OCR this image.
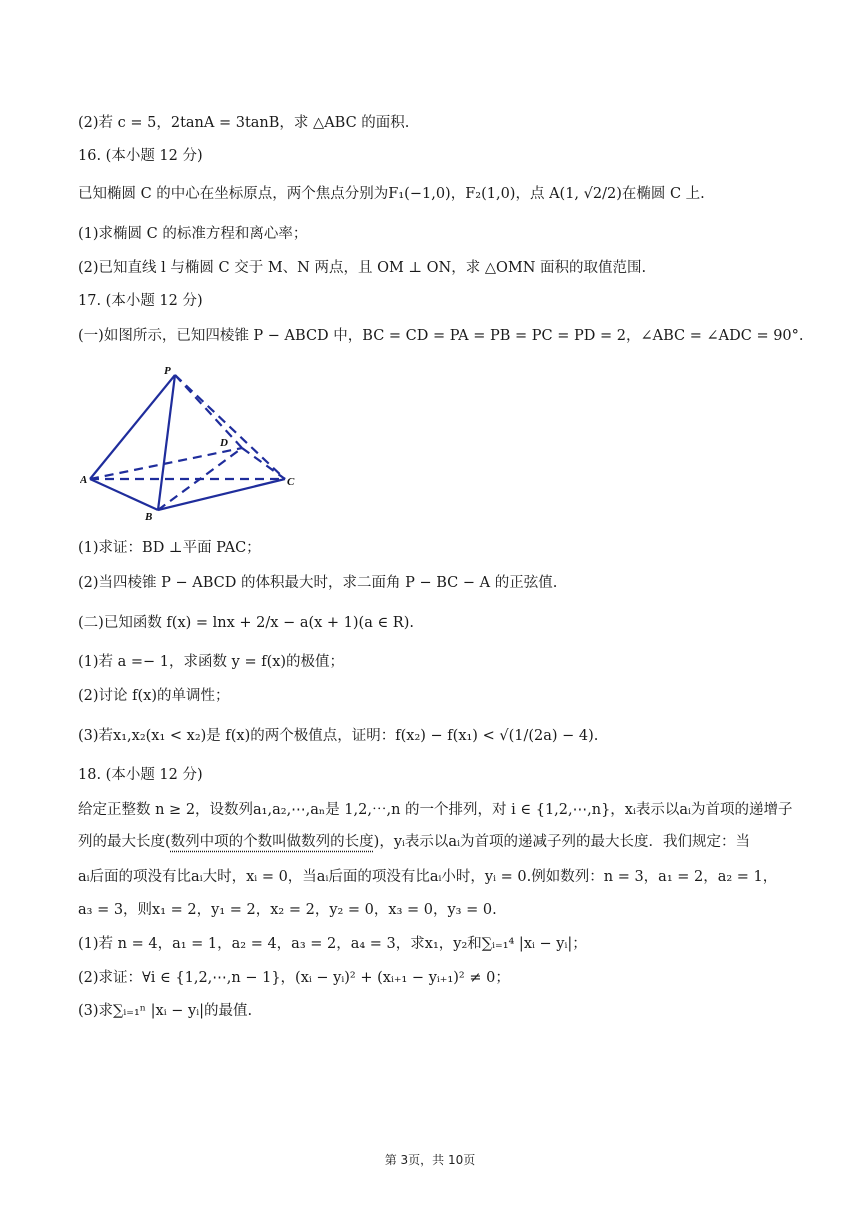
(2)若 c = 5，2tanA = 3tanB，求 △ABC 的面积.
16. (本小题 12 分)
已知椭圆 C 的中心在坐标原点，两个焦点分别为F₁(−1,0)，F₂(1,0)，点 A(1, √2/2)在椭圆 C 上.
(1)求椭圆 C 的标准方程和离心率；
(2)已知直线 l 与椭圆 C 交于 M、N 两点，且 OM ⊥ ON，求 △OMN 面积的取值范围.
17. (本小题 12 分)
(一)如图所示，已知四棱锥 P − ABCD 中，BC = CD = PA = PB = PC = PD = 2，∠ABC = ∠ADC = 90°.
P
A
B
C
D
(1)求证：BD ⊥平面 PAC；
(2)当四棱锥 P − ABCD 的体积最大时，求二面角 P − BC − A 的正弦值.
(二)已知函数 f(x) = lnx + 2/x − a(x + 1)(a ∈ R).
(1)若 a =− 1，求函数 y = f(x)的极值；
(2)讨论 f(x)的单调性；
(3)若x₁,x₂(x₁ < x₂)是 f(x)的两个极值点，证明：f(x₂) − f(x₁) < √(1/(2a) − 4).
18. (本小题 12 分)
给定正整数 n ≥ 2，设数列a₁,a₂,⋯,aₙ是 1,2,⋯,n 的一个排列，对 i ∈ {1,2,⋯,n}，xᵢ表示以aᵢ为首项的递增子
列的最大长度(数列中项的个数叫做数列的长度)，yᵢ表示以aᵢ为首项的递减子列的最大长度．我们规定：当
aᵢ后面的项没有比aᵢ大时，xᵢ = 0，当aᵢ后面的项没有比aᵢ小时，yᵢ = 0.例如数列：n = 3，a₁ = 2，a₂ = 1，
a₃ = 3，则x₁ = 2，y₁ = 2，x₂ = 2，y₂ = 0，x₃ = 0，y₃ = 0.
(1)若 n = 4，a₁ = 1，a₂ = 4，a₃ = 2，a₄ = 3，求x₁，y₂和∑ᵢ₌₁⁴ |xᵢ − yᵢ|；
(2)求证：∀i ∈ {1,2,⋯,n − 1}，(xᵢ − yᵢ)² + (xᵢ₊₁ − yᵢ₊₁)² ≠ 0；
(3)求∑ᵢ₌₁ⁿ |xᵢ − yᵢ|的最值.
第 3页，共 10页
